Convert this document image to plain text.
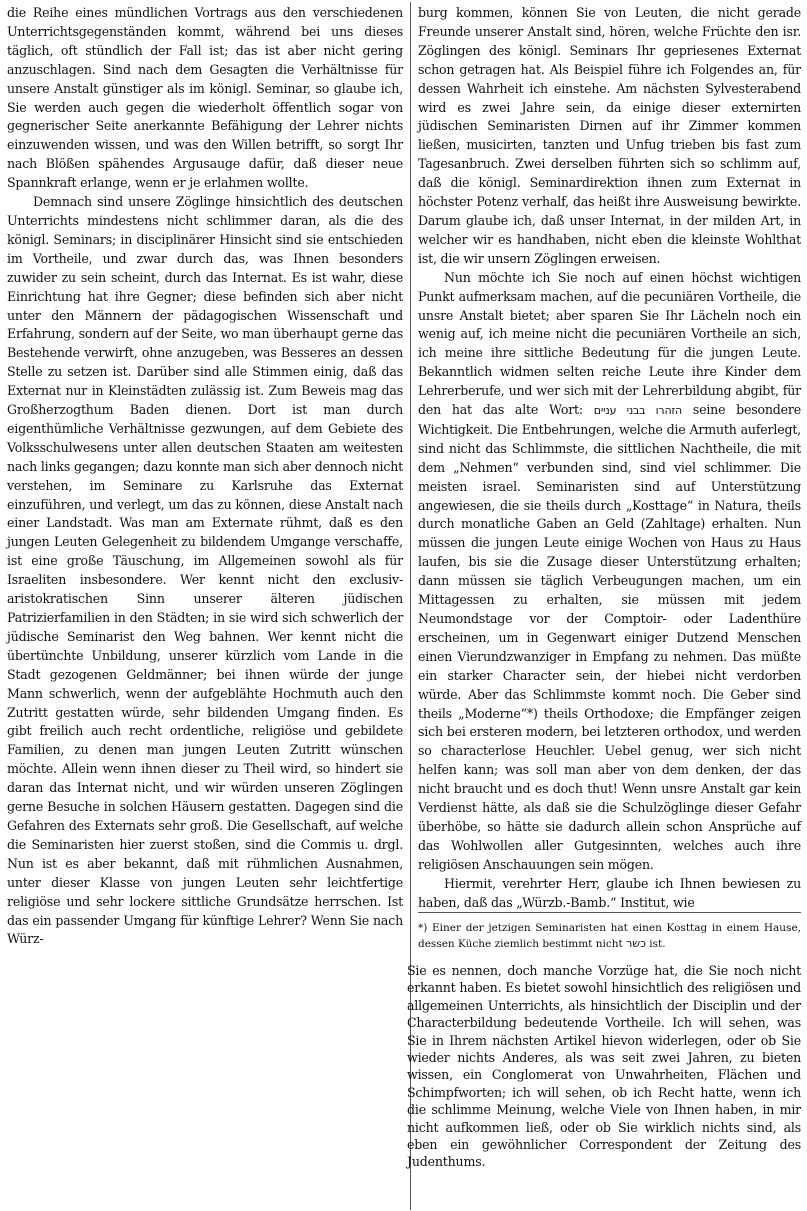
die Reihe eines mündlichen Vortrags aus den verschiedenen Unterrichtsgegenständen kommt, während bei uns dieses täglich, oft stündlich der Fall ist; das ist aber nicht gering anzuschlagen. Sind nach dem Gesagten die Verhältnisse für unsere Anstalt günstiger als im königl. Seminar, so glaube ich, Sie werden auch gegen die wiederholt öffentlich sogar von gegnerischer Seite anerkannte Befähigung der Lehrer nichts einzuwenden wissen, und was den Willen betrifft, so sorgt Ihr nach Blößen spähendes Argusauge dafür, daß dieser neue Spannkraft erlange, wenn er je erlahmen wollte.

Demnach sind unsere Zöglinge hinsichtlich des deutschen Unterrichts mindestens nicht schlimmer daran, als die des königl. Seminars; in disciplinärer Hinsicht sind sie entschieden im Vortheile, und zwar durch das, was Ihnen besonders zuwider zu sein scheint, durch das Internat. Es ist wahr, diese Einrichtung hat ihre Gegner; diese befinden sich aber nicht unter den Männern der pädagogischen Wissenschaft und Erfahrung, sondern auf der Seite, wo man überhaupt gerne das Bestehende verwirft, ohne anzugeben, was Besseres an dessen Stelle zu setzen ist. Darüber sind alle Stimmen einig, daß das Externat nur in Kleinstädten zulässig ist. Zum Beweis mag das Großherzogthum Baden dienen. Dort ist man durch eigenthümliche Verhältnisse gezwungen, auf dem Gebiete des Volksschulwesens unter allen deutschen Staaten am weitesten nach links gegangen; dazu konnte man sich aber dennoch nicht verstehen, im Seminare zu Karlsruhe das Externat einzuführen, und verlegt, um das zu können, diese Anstalt nach einer Landstadt. Was man am Externate rühmt, daß es den jungen Leuten Gelegenheit zu bildendem Umgange verschaffe, ist eine große Täuschung, im Allgemeinen sowohl als für Israeliten insbesondere. Wer kennt nicht den exclusiv-aristokratischen Sinn unserer älteren jüdischen Patrizierfamilien in den Städten; in sie wird sich schwerlich der jüdische Seminarist den Weg bahnen. Wer kennt nicht die übertünchte Unbildung, unserer kürzlich vom Lande in die Stadt gezogenen Geldmänner; bei ihnen würde der junge Mann schwerlich, wenn der aufgeblähte Hochmuth auch den Zutritt gestatten würde, sehr bildenden Umgang finden. Es gibt freilich auch recht ordentliche, religiöse und gebildete Familien, zu denen man jungen Leuten Zutritt wünschen möchte. Allein wenn ihnen dieser zu Theil wird, so hindert sie daran das Internat nicht, und wir würden unseren Zöglingen gerne Besuche in solchen Häusern gestatten. Dagegen sind die Gefahren des Externats sehr groß. Die Gesellschaft, auf welche die Seminaristen hier zuerst stoßen, sind die Commis u. drgl. Nun ist es aber bekannt, daß mit rühmlichen Ausnahmen, unter dieser Klasse von jungen Leuten sehr leichtfertige religiöse und sehr lockere sittliche Grundsätze herrschen. Ist das ein passender Umgang für künftige Lehrer? Wenn Sie nach Würz-

burg kommen, können Sie von Leuten, die nicht gerade Freunde unserer Anstalt sind, hören, welche Früchte den isr. Zöglingen des königl. Seminars Ihr gepriesenes Externat schon getragen hat. Als Beispiel führe ich Folgendes an, für dessen Wahrheit ich einstehe. Am nächsten Sylvesterabend wird es zwei Jahre sein, da einige dieser externirten jüdischen Seminaristen Dirnen auf ihr Zimmer kommen ließen, musicirten, tanzten und Unfug trieben bis fast zum Tagesanbruch. Zwei derselben führten sich so schlimm auf, daß die königl. Seminardirektion ihnen zum Externat in höchster Potenz verhalf, das heißt ihre Ausweisung bewirkte. Darum glaube ich, daß unser Internat, in der milden Art, in welcher wir es handhaben, nicht eben die kleinste Wohlthat ist, die wir unsern Zöglingen erweisen.

Nun möchte ich Sie noch auf einen höchst wichtigen Punkt aufmerksam machen, auf die pecuniären Vortheile, die unsre Anstalt bietet; aber sparen Sie Ihr Lächeln noch ein wenig auf, ich meine nicht die pecuniären Vortheile an sich, ich meine ihre sittliche Bedeutung für die jungen Leute. Bekanntlich widmen selten reiche Leute ihre Kinder dem Lehrerberufe, und wer sich mit der Lehrerbildung abgibt, für den hat das alte Wort: הזהרו בבני עניים seine besondere Wichtigkeit. Die Entbehrungen, welche die Armuth auferlegt, sind nicht das Schlimmste, die sittlichen Nachtheile, die mit dem „Nehmen“ verbunden sind, sind viel schlimmer. Die meisten israel. Seminaristen sind auf Unterstützung angewiesen, die sie theils durch „Kosttage“ in Natura, theils durch monatliche Gaben an Geld (Zahltage) erhalten. Nun müssen die jungen Leute einige Wochen von Haus zu Haus laufen, bis sie die Zusage dieser Unterstützung erhalten; dann müssen sie täglich Verbeugungen machen, um ein Mittagessen zu erhalten, sie müssen mit jedem Neumondstage vor der Comptoir- oder Ladenthüre erscheinen, um in Gegenwart einiger Dutzend Menschen einen Vierundzwanziger in Empfang zu nehmen. Das müßte ein starker Character sein, der hiebei nicht verdorben würde. Aber das Schlimmste kommt noch. Die Geber sind theils „Moderne“*) theils Orthodoxe; die Empfänger zeigen sich bei ersteren modern, bei letzteren orthodox, und werden so characterlose Heuchler. Uebel genug, wer sich nicht helfen kann; was soll man aber von dem denken, der das nicht braucht und es doch thut! Wenn unsre Anstalt gar kein Verdienst hätte, als daß sie die Schulzöglinge dieser Gefahr überhöbe, so hätte sie dadurch allein schon Ansprüche auf das Wohlwollen aller Gutgesinnten, welches auch ihre religiösen Anschauungen sein mögen.

Hiermit, verehrter Herr, glaube ich Ihnen bewiesen zu haben, daß das „Würzb.-Bamb.“ Institut, wie

*) Einer der jetzigen Seminaristen hat einen Kosttag in einem Hause, dessen Küche ziemlich bestimmt nicht כשר ist.

Sie es nennen, doch manche Vorzüge hat, die Sie noch nicht erkannt haben. Es bietet sowohl hinsichtlich des religiösen und allgemeinen Unterrichts, als hinsichtlich der Disciplin und der Characterbildung bedeutende Vortheile. Ich will sehen, was Sie in Ihrem nächsten Artikel hievon widerlegen, oder ob Sie wieder nichts Anderes, als was seit zwei Jahren, zu bieten wissen, ein Conglomerat von Unwahrheiten, Flächen und Schimpfworten; ich will sehen, ob ich Recht hatte, wenn ich die schlimme Meinung, welche Viele von Ihnen haben, in mir nicht aufkommen ließ, oder ob Sie wirklich nichts sind, als eben ein gewöhnlicher Correspondent der Zeitung des Judenthums.
